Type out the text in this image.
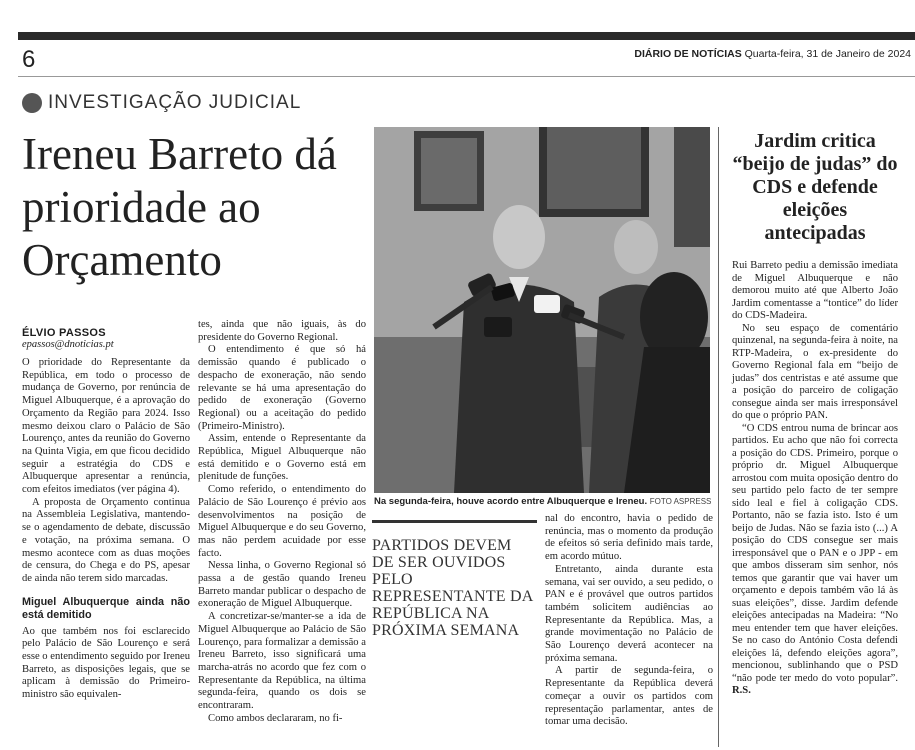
6	DIÁRIO DE NOTÍCIAS Quarta-feira, 31 de Janeiro de 2024
INVESTIGAÇÃO JUDICIAL
Ireneu Barreto dá prioridade ao Orçamento
ÉLVIO PASSOS
epassos@dnoticias.pt

O prioridade do Representante da República, em todo o processo de mudança de Governo, por renúncia de Miguel Albuquerque, é a aprovação do Orçamento da Região para 2024. Isso mesmo deixou claro o Palácio de São Lourenço, antes da reunião do Governo na Quinta Vigia, em que ficou decidido seguir a estratégia do CDS e Albuquerque apresentar a renúncia, com efeitos imediatos (ver página 4).

A proposta de Orçamento continua na Assembleia Legislativa, mantendo-se o agendamento de debate, discussão e votação, na próxima semana. O mesmo acontece com as duas moções de censura, do Chega e do PS, apesar de ainda não terem sido marcadas.

Miguel Albuquerque ainda não está demitido

Ao que também nos foi esclarecido pelo Palácio de São Lourenço e será esse o entendimento seguido por Ireneu Barreto, as disposições legais, que se aplicam à demissão do Primeiro-ministro são equivalen-

tes, ainda que não iguais, às do presidente do Governo Regional.

O entendimento é que só há demissão quando é publicado o despacho de exoneração, não sendo relevante se há uma apresentação do pedido de exoneração (Governo Regional) ou a aceitação do pedido (Primeiro-Ministro).

Assim, entende o Representante da República, Miguel Albuquerque não está demitido e o Governo está em plenitude de funções.

Como referido, o entendimento do Palácio de São Lourenço é prévio aos desenvolvimentos na posição de Miguel Albuquerque e do seu Governo, mas não perdem acuidade por esse facto.

Nessa linha, o Governo Regional só passa a de gestão quando Ireneu Barreto mandar publicar o despacho de exoneração de Miguel Albuquerque.

A concretizar-se/manter-se a ida de Miguel Albuquerque ao Palácio de São Lourenço, para formalizar a demissão a Ireneu Barreto, isso significará uma marcha-atrás no acordo que fez com o Representante da República, na última segunda-feira, quando os dois se encontraram.

Como ambos declararam, no fi-

Na segunda-feira, houve acordo entre Albuquerque e Ireneu. FOTO ASPRESS
PARTIDOS DEVEM DE SER OUVIDOS PELO REPRESENTANTE DA REPÚBLICA NA PRÓXIMA SEMANA

nal do encontro, havia o pedido de renúncia, mas o momento da produção de efeitos só seria definido mais tarde, em acordo mútuo.

Entretanto, ainda durante esta semana, vai ser ouvido, a seu pedido, o PAN e é provável que outros partidos também solicitem audiências ao Representante da República. Mas, a grande movimentação no Palácio de São Lourenço deverá acontecer na próxima semana.

A partir de segunda-feira, o Representante da República deverá começar a ouvir os partidos com representação parlamentar, antes de tomar uma decisão.

Jardim critica “beijo de judas” do CDS e defende eleições antecipadas

Rui Barreto pediu a demissão imediata de Miguel Albuquerque e não demorou muito até que Alberto João Jardim comentasse a “tontice” do líder do CDS-Madeira.

No seu espaço de comentário quinzenal, na segunda-feira à noite, na RTP-Madeira, o ex-presidente do Governo Regional fala em “beijo de judas” dos centristas e até assume que a posição do parceiro de coligação consegue ainda ser mais irresponsável do que o próprio PAN.

“O CDS entrou numa de brincar aos partidos. Eu acho que não foi correcta a posição do CDS. Primeiro, porque o próprio dr. Miguel Albuquerque arrostou com muita oposição dentro do seu partido pelo facto de ter sempre sido leal e fiel à coligação CDS. Portanto, não se fazia isto. Isto é um beijo de Judas. Não se fazia isto (...) A posição do CDS consegue ser mais irresponsável que o PAN e o JPP - em que ambos disseram sim senhor, nós temos que garantir que vai haver um orçamento e depois também vão lá às suas eleições”, disse. Jardim defende eleições antecipadas na Madeira: “No meu entender tem que haver eleições. Se no caso do António Costa defendi eleições lá, defendo eleições agora”, mencionou, sublinhando que o PSD “não pode ter medo do voto popular”. R.S.
